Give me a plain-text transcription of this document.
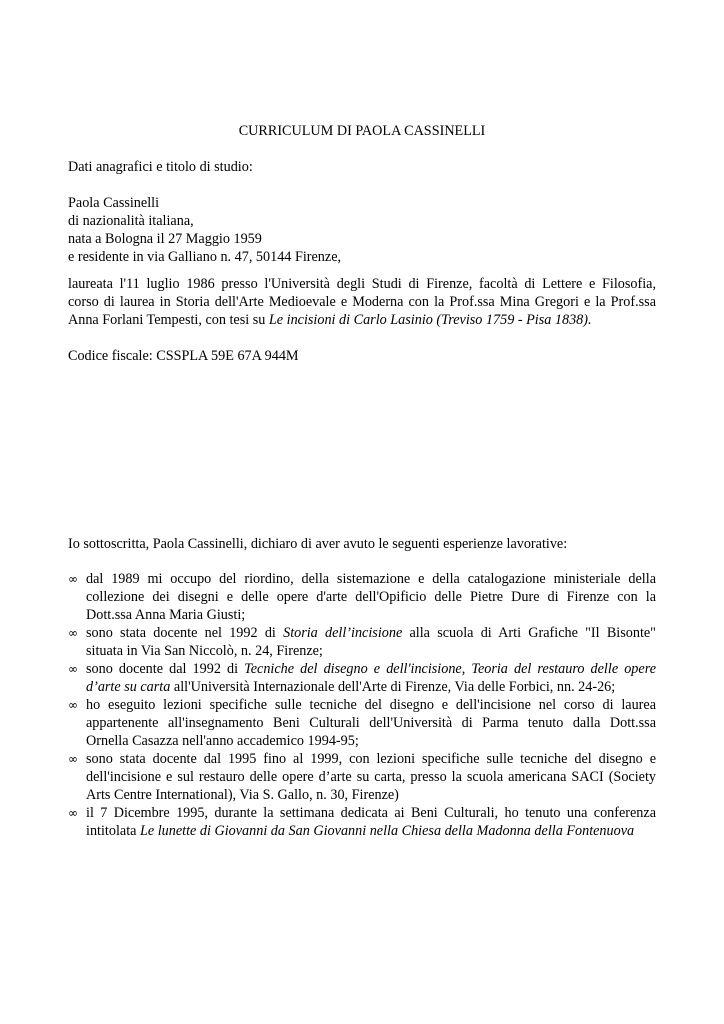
CURRICULUM DI PAOLA CASSINELLI
Dati anagrafici e titolo di studio:
Paola Cassinelli
di nazionalità italiana,
nata a Bologna il 27 Maggio 1959
e residente in via Galliano n. 47, 50144 Firenze,
laureata l'11 luglio 1986 presso l'Università degli Studi di Firenze, facoltà di Lettere e Filosofia,
corso di laurea in Storia dell'Arte Medioevale e Moderna con la Prof.ssa Mina Gregori e la Prof.ssa
Anna Forlani Tempesti, con tesi su Le incisioni di Carlo Lasinio (Treviso 1759 - Pisa 1838).
Codice fiscale: CSSPLA 59E 67A 944M
Io sottoscritta, Paola Cassinelli, dichiaro di aver avuto le seguenti esperienze lavorative:
∞ dal 1989 mi occupo del riordino, della sistemazione e della catalogazione ministeriale della
collezione dei disegni e delle opere d'arte dell'Opificio delle Pietre Dure di Firenze con la
Dott.ssa Anna Maria Giusti;
∞ sono stata docente nel 1992 di Storia dell’incisione alla scuola di Arti Grafiche "Il Bisonte"
situata in Via San Niccolò, n. 24, Firenze;
∞ sono docente dal 1992 di Tecniche del disegno e dell'incisione, Teoria del restauro delle opere
d’arte su carta all'Università Internazionale dell'Arte di Firenze, Via delle Forbici, nn. 24-26;
∞ ho eseguito lezioni specifiche sulle tecniche del disegno e dell'incisione nel corso di laurea
appartenente all'insegnamento Beni Culturali dell'Università di Parma tenuto dalla Dott.ssa
Ornella Casazza nell'anno accademico 1994-95;
∞ sono stata docente dal 1995 fino al 1999, con lezioni specifiche sulle tecniche del disegno e
dell'incisione e sul restauro delle opere d’arte su carta, presso la scuola americana SACI (Society
Arts Centre International), Via S. Gallo, n. 30, Firenze)
∞ il 7 Dicembre 1995, durante la settimana dedicata ai Beni Culturali, ho tenuto una conferenza
intitolata Le lunette di Giovanni da San Giovanni nella Chiesa della Madonna della Fontenuova
